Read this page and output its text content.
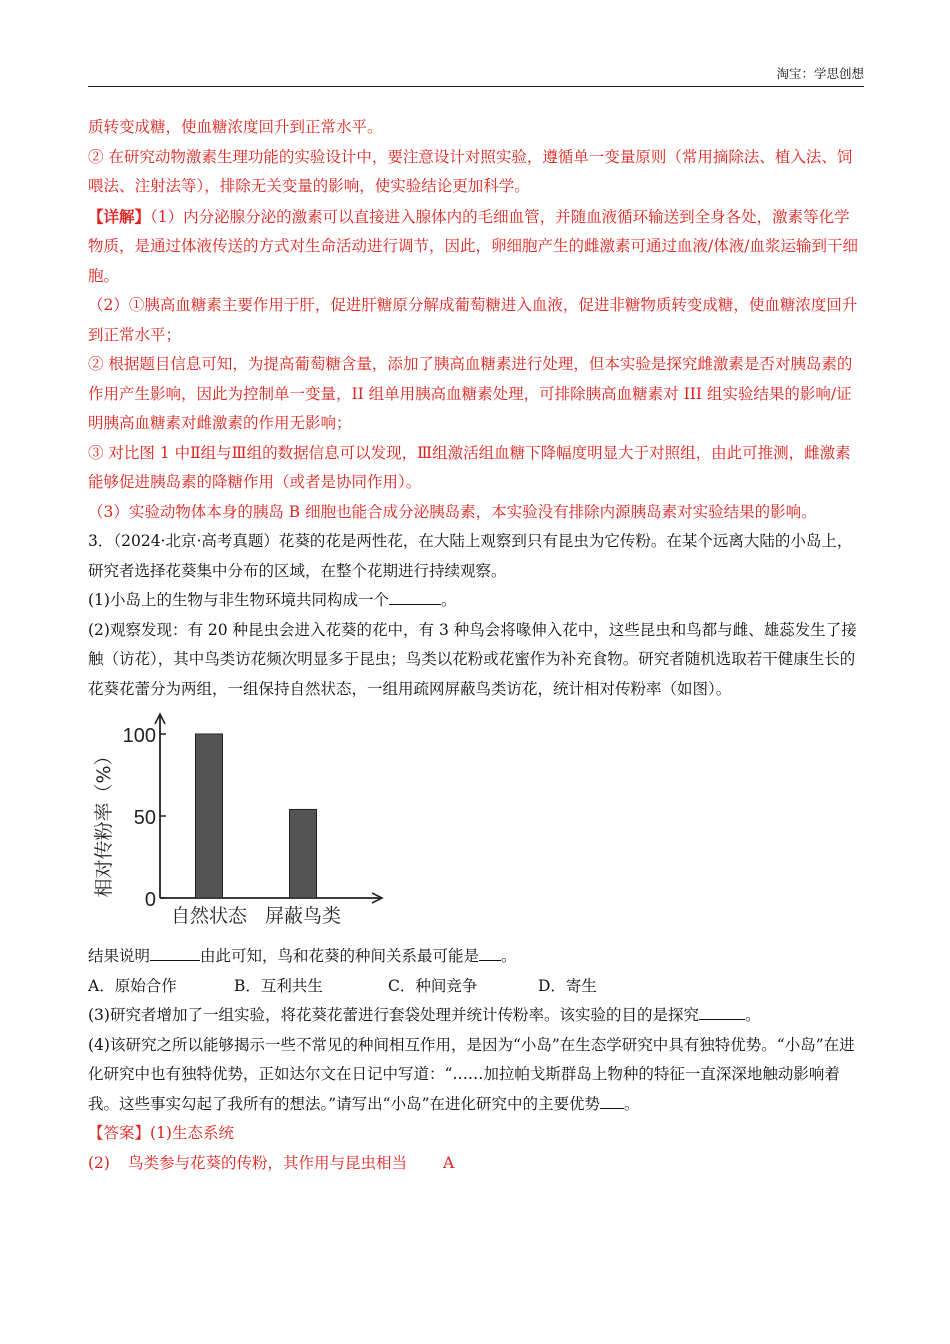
淘宝：学思创想

质转变成糖，使血糖浓度回升到正常水平。

② 在研究动物激素生理功能的实验设计中，要注意设计对照实验，遵循单一变量原则（常用摘除法、植入法、饲喂法、注射法等），排除无关变量的影响，使实验结论更加科学。

【详解】（1）内分泌腺分泌的激素可以直接进入腺体内的毛细血管，并随血液循环输送到全身各处，激素等化学物质，是通过体液传送的方式对生命活动进行调节，因此，卵细胞产生的雌激素可通过血液/体液/血浆运输到干细胞。

（2）①胰高血糖素主要作用于肝，促进肝糖原分解成葡萄糖进入血液，促进非糖物质转变成糖，使血糖浓度回升到正常水平；

② 根据题目信息可知，为提高葡萄糖含量，添加了胰高血糖素进行处理，但本实验是探究雌激素是否对胰岛素的作用产生影响，因此为控制单一变量，II 组单用胰高血糖素处理，可排除胰高血糖素对 III 组实验结果的影响/证明胰高血糖素对雌激素的作用无影响；

③ 对比图 1 中Ⅱ组与Ⅲ组的数据信息可以发现，Ⅲ组激活组血糖下降幅度明显大于对照组，由此可推测，雌激素能够促进胰岛素的降糖作用（或者是协同作用）。

（3）实验动物体本身的胰岛 B 细胞也能合成分泌胰岛素，本实验没有排除内源胰岛素对实验结果的影响。

3．（2024·北京·高考真题）花葵的花是两性花，在大陆上观察到只有昆虫为它传粉。在某个远离大陆的小岛上，研究者选择花葵集中分布的区域，在整个花期进行持续观察。

(1)小岛上的生物与非生物环境共同构成一个	。

(2)观察发现：有 20 种昆虫会进入花葵的花中，有 3 种鸟会将喙伸入花中，这些昆虫和鸟都与雌、雄蕊发生了接触（访花），其中鸟类访花频次明显多于昆虫；鸟类以花粉或花蜜作为补充食物。研究者随机选取若干健康生长的花葵花蕾分为两组，一组保持自然状态，一组用疏网屏蔽鸟类访花，统计相对传粉率（如图）。

0
50
100
自然状态 屏蔽鸟类
相对传粉率（%）

结果说明	由此可知，鸟和花葵的种间关系最可能是 。

A．原始合作	B．互利共生	C．种间竞争	D．寄生

(3)研究者增加了一组实验，将花葵花蕾进行套袋处理并统计传粉率。该实验的目的是探究	。

(4)该研究之所以能够揭示一些不常见的种间相互作用，是因为“小岛”在生态学研究中具有独特优势。“小岛”在进化研究中也有独特优势，正如达尔文在日记中写道：“……加拉帕戈斯群岛上物种的特征一直深深地触动影响着我。这些事实勾起了我所有的想法。”请写出“小岛”在进化研究中的主要优势 。

【答案】(1)生态系统

(2) 鸟类参与花葵的传粉，其作用与昆虫相当 A
